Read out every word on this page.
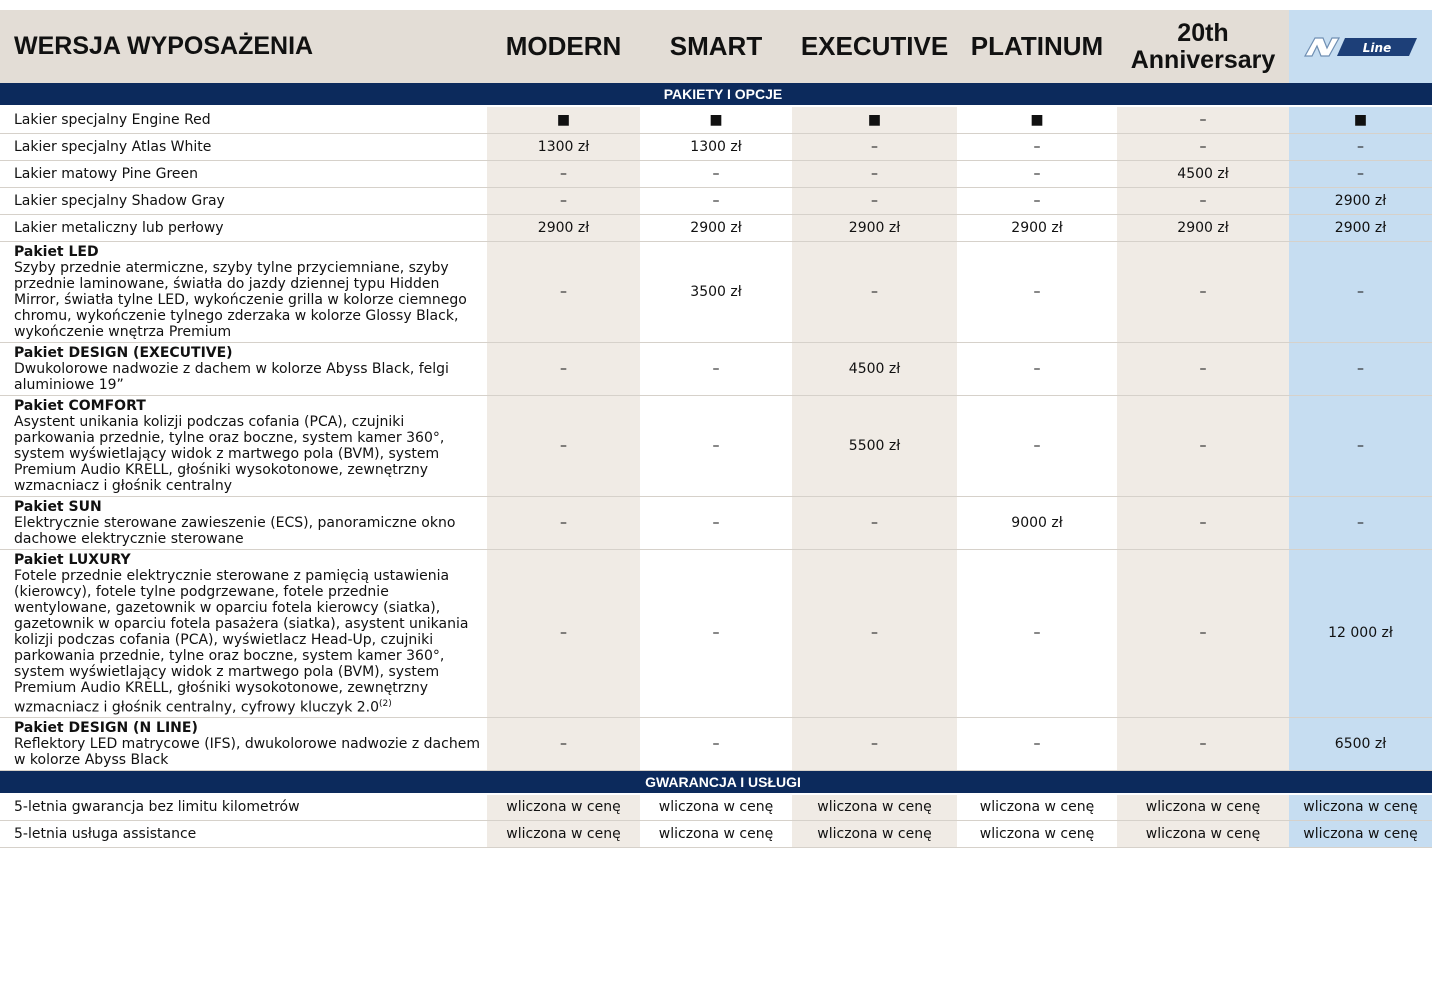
WERSJA WYPOSAŻENIA	MODERN	SMART	EXECUTIVE	PLATINUM	20th Anniversary	Line

PAKIETY I OPCJE						
Lakier specjalny Engine Red	■	■	■	■	–	■
Lakier specjalny Atlas White	1300 zł	1300 zł	–	–	–	–
Lakier matowy Pine Green	–	–	–	–	4500 zł	–
Lakier specjalny Shadow Gray	–	–	–	–	–	2900 zł
Lakier metaliczny lub perłowy	2900 zł	2900 zł	2900 zł	2900 zł	2900 zł	2900 zł

Pakiet LED
Szyby przednie atermiczne, szyby tylne przyciemniane, szyby przednie laminowane, światła do jazdy dziennej typu Hidden Mirror, światła tylne LED, wykończenie grilla w kolorze ciemnego chromu, wykończenie tylnego zderzaka w kolorze Glossy Black, wykończenie wnętrza Premium	–	3500 zł	–	–	–	–

Pakiet DESIGN (EXECUTIVE)
Dwukolorowe nadwozie z dachem w kolorze Abyss Black, felgi aluminiowe 19”	–	–	4500 zł	–	–	–

Pakiet COMFORT
Asystent unikania kolizji podczas cofania (PCA), czujniki parkowania przednie, tylne oraz boczne, system kamer 360°, system wyświetlający widok z martwego pola (BVM), system Premium Audio KRELL, głośniki wysokotonowe, zewnętrzny wzmacniacz i głośnik centralny	–	–	5500 zł	–	–	–

Pakiet SUN
Elektrycznie sterowane zawieszenie (ECS), panoramiczne okno dachowe elektrycznie sterowane	–	–	–	9000 zł	–	–

Pakiet LUXURY
Fotele przednie elektrycznie sterowane z pamięcią ustawienia (kierowcy), fotele tylne podgrzewane, fotele przednie wentylowane, gazetownik w oparciu fotela kierowcy (siatka), gazetownik w oparciu fotela pasażera (siatka), asystent unikania kolizji podczas cofania (PCA), wyświetlacz Head-Up, czujniki parkowania przednie, tylne oraz boczne, system kamer 360°, system wyświetlający widok z martwego pola (BVM), system Premium Audio KRELL, głośniki wysokotonowe, zewnętrzny wzmacniacz i głośnik centralny, cyfrowy kluczyk 2.0$^{(2)}$	–	–	–	–	–	12 000 zł

Pakiet DESIGN (N LINE)
Reflektory LED matrycowe (IFS), dwukolorowe nadwozie z dachem
w kolorze Abyss Black	–	–	–	–	–	6500 zł
GWARANCJA I USŁUGI						
5-letnia gwarancja bez limitu kilometrów	wliczona w cenę	wliczona w cenę	wliczona w cenę	wliczona w cenę	wliczona w cenę	wliczona w cenę
5-letnia usługa assistance	wliczona w cenę	wliczona w cenę	wliczona w cenę	wliczona w cenę	wliczona w cenę	wliczona w cenę
